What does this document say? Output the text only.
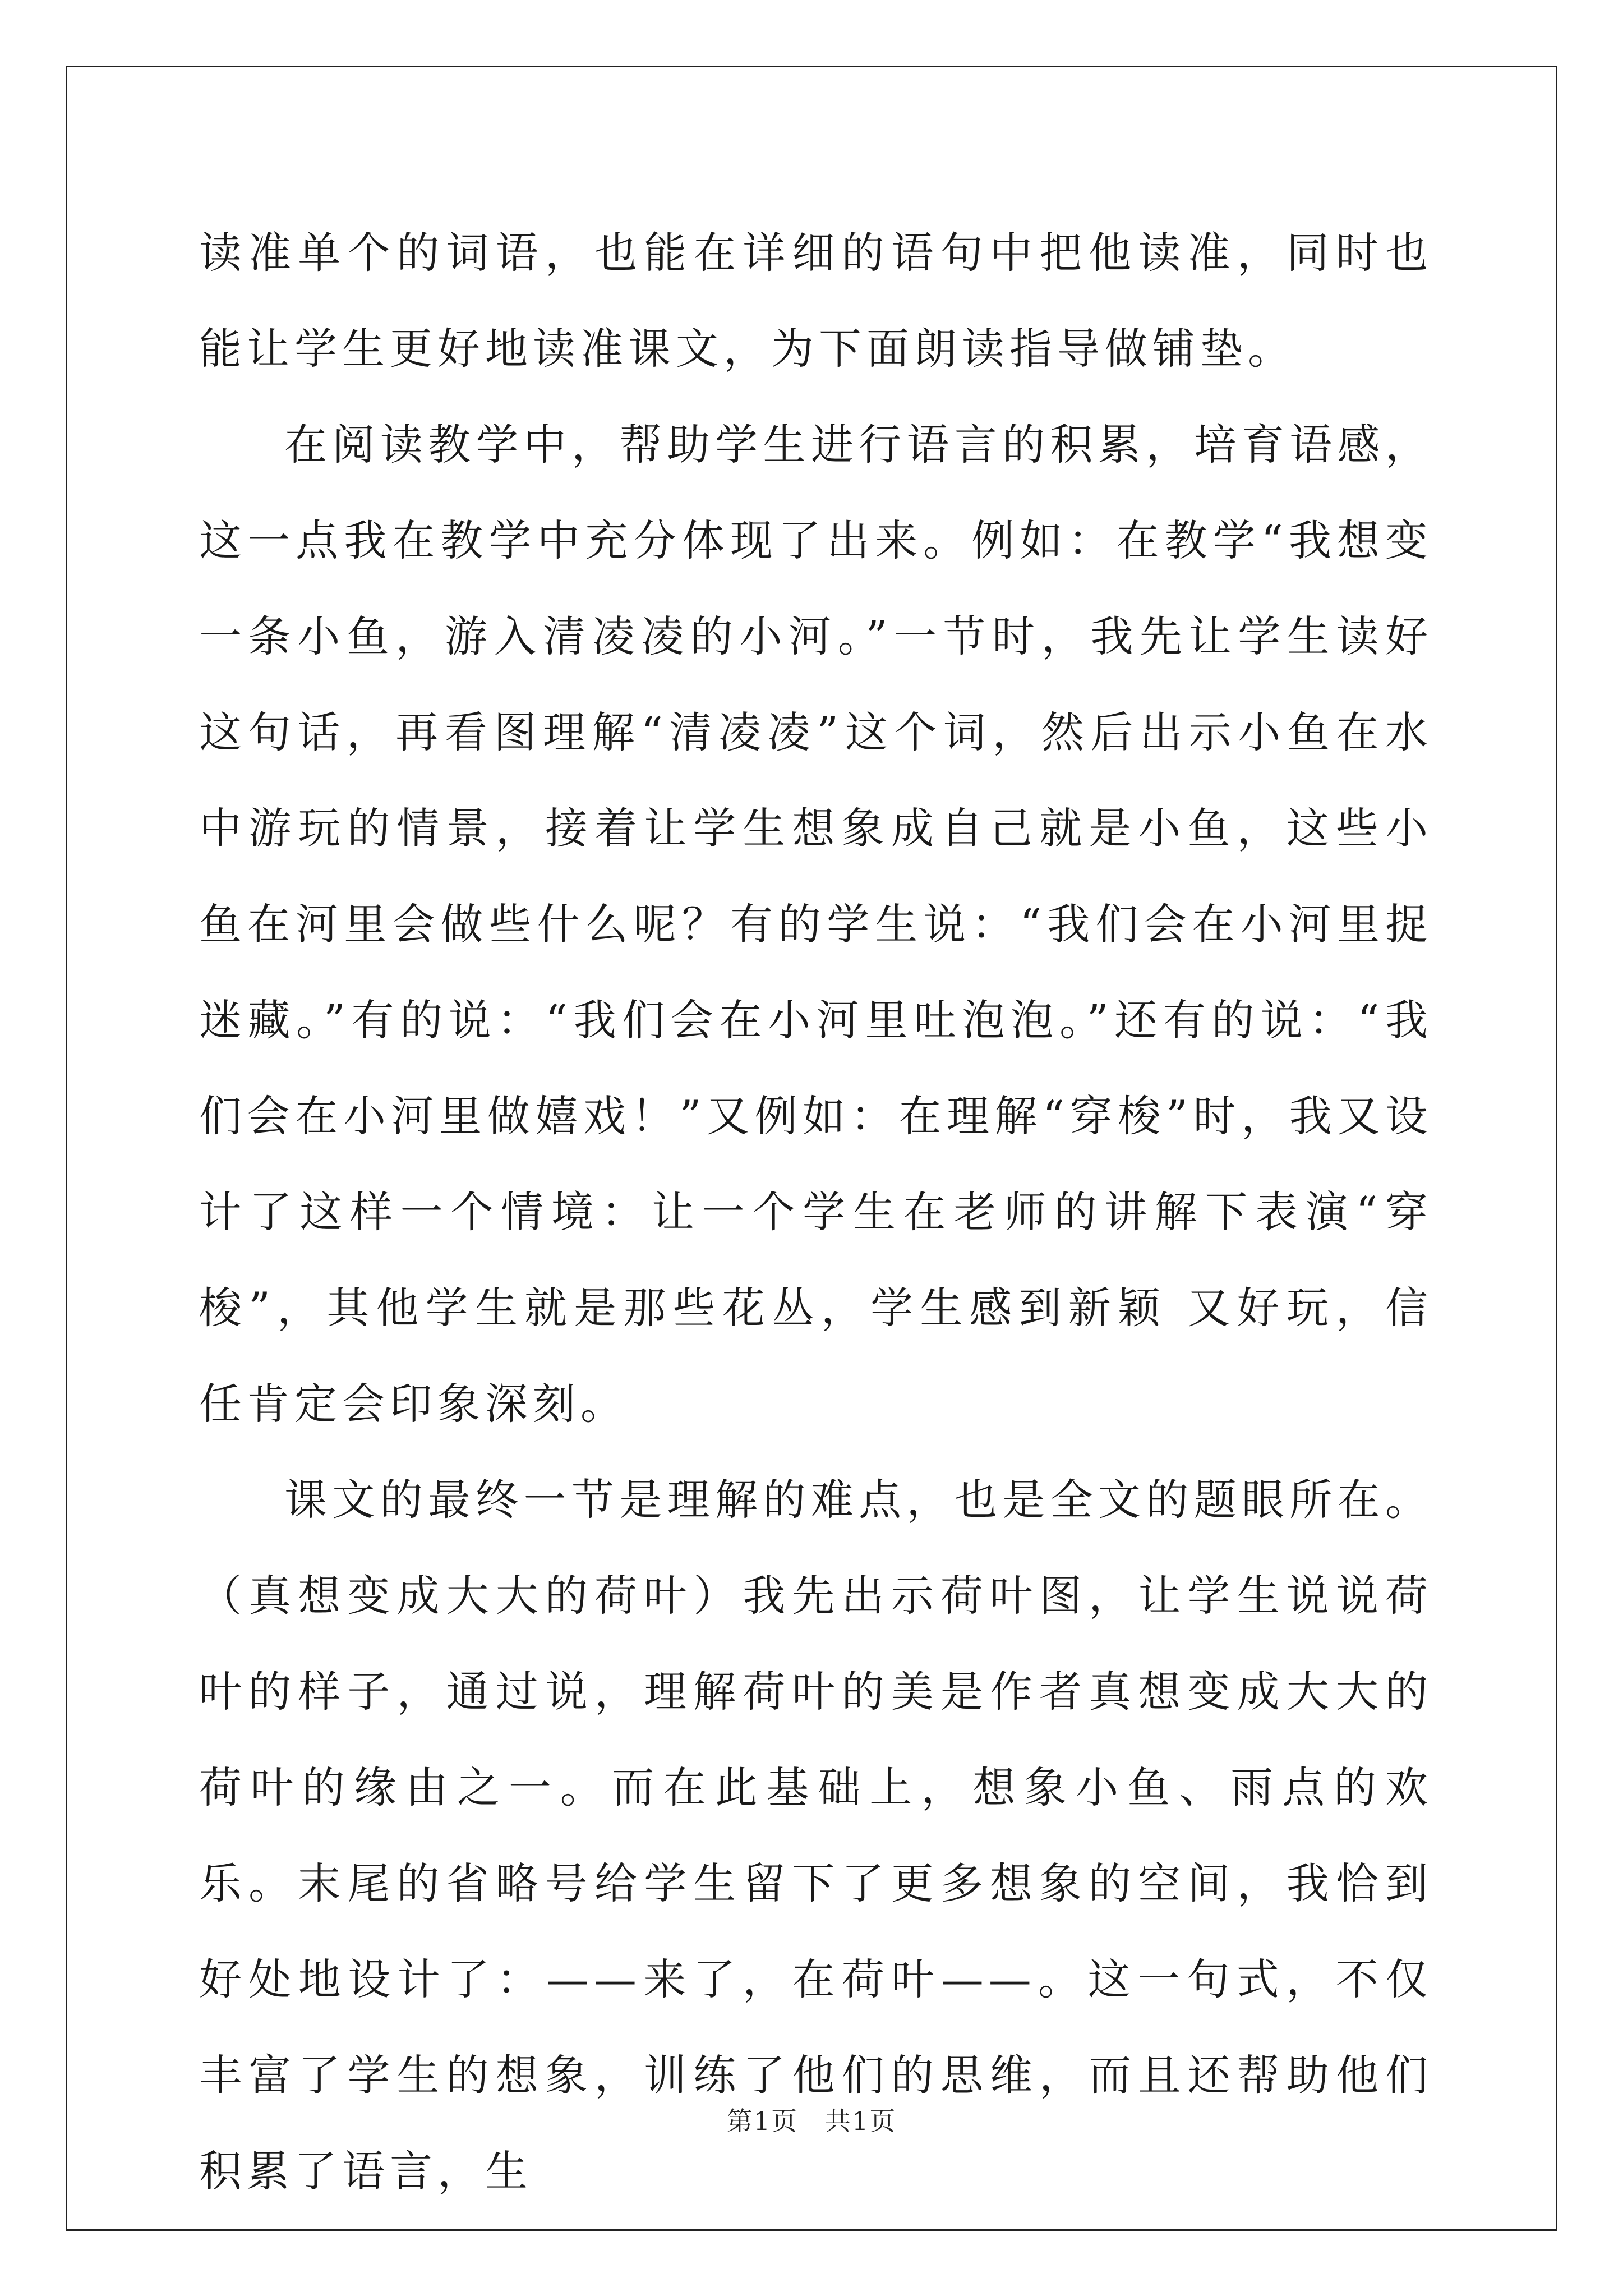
读准单个的词语，也能在详细的语句中把他读准，同时也能让学生更好地读准课文，为下面朗读指导做铺垫。

在阅读教学中，帮助学生进行语言的积累，培育语感，这一点我在教学中充分体现了出来。例如：在教学“我想变一条小鱼，游入清凌凌的小河。”一节时，我先让学生读好这句话，再看图理解“清凌凌”这个词，然后出示小鱼在水中游玩的情景，接着让学生想象成自己就是小鱼，这些小鱼在河里会做些什么呢？有的学生说：“我们会在小河里捉迷藏。”有的说：“我们会在小河里吐泡泡。”还有的说：“我们会在小河里做嬉戏！”又例如：在理解“穿梭”时，我又设计了这样一个情境：让一个学生在老师的讲解下表演“穿梭”，其他学生就是那些花丛，学生感到新颖 又好玩，信任肯定会印象深刻。

课文的最终一节是理解的难点，也是全文的题眼所在。（真想变成大大的荷叶）我先出示荷叶图，让学生说说荷叶的样子，通过说，理解荷叶的美是作者真想变成大大的荷叶的缘由之一。而在此基础上，想象小鱼、雨点的欢乐。末尾的省略号给学生留下了更多想象的空间，我恰到好处地设计了：——来了，在荷叶——。这一句式，不仅丰富了学生的想象，训练了他们的思维，而且还帮助他们积累了语言，生

第1页　共1页
